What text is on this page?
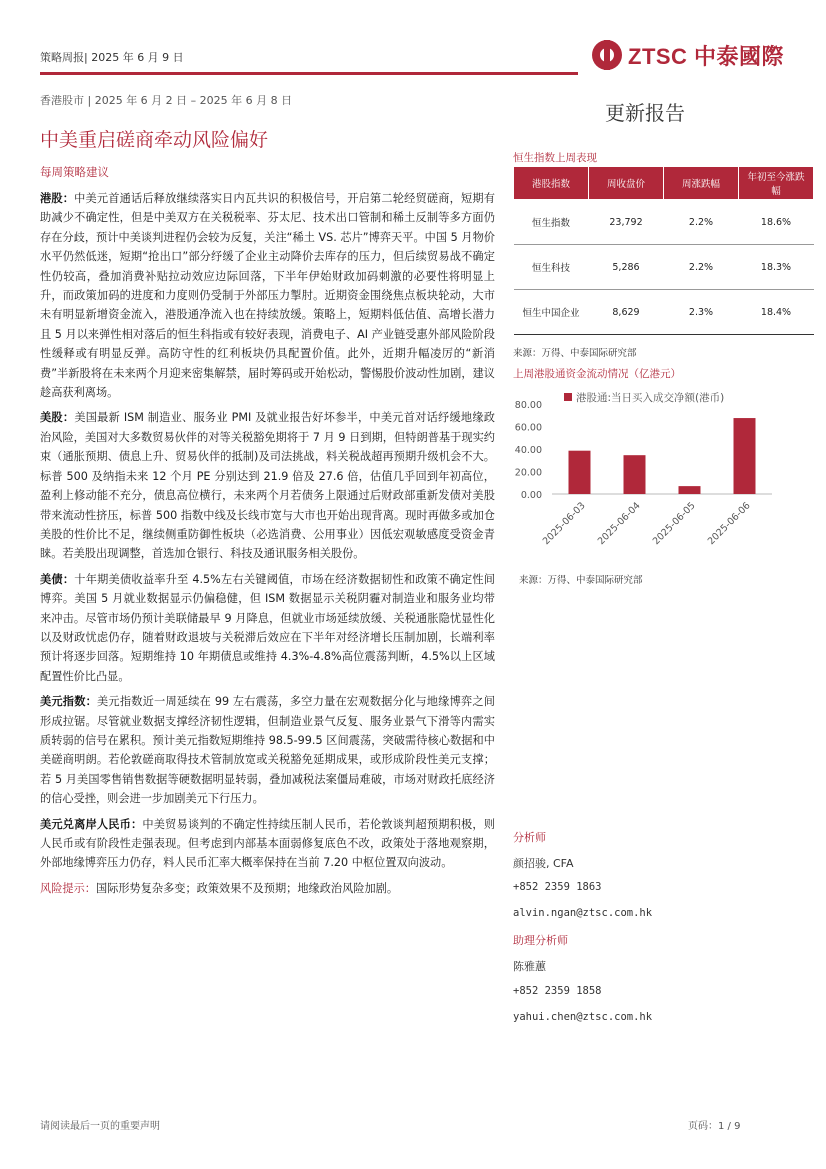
策略周报| 2025 年 6 月 9 日	ZTSC 中泰國際
香港股市 | 2025 年 6 月 2 日 – 2025 年 6 月 8 日
更新报告
中美重启磋商牵动风险偏好
每周策略建议

港股：中美元首通话后释放继续落实日内瓦共识的积极信号，开启第二轮经贸磋商，短期有助减少不确定性，但是中美双方在关税税率、芬太尼、技术出口管制和稀土反制等多方面仍存在分歧，预计中美谈判进程仍会较为反复，关注“稀土 VS. 芯片”博弈天平。中国 5 月物价水平仍然低迷，短期“抢出口”部分纾缓了企业主动降价去库存的压力，但后续贸易战不确定性仍较高，叠加消费补贴拉动效应边际回落，下半年伊始财政加码刺激的必要性将明显上升，而政策加码的进度和力度则仍受制于外部压力掣肘。近期资金围绕焦点板块轮动，大市未有明显新增资金流入，港股通净流入也在持续放缓。策略上，短期料低估值、高增长潜力且 5 月以来弹性相对落后的恒生科指或有较好表现，消费电子、AI 产业链受惠外部风险阶段性缓释或有明显反弹。高防守性的红利板块仍具配置价值。此外，近期升幅凌厉的“新消费”半新股将在未来两个月迎来密集解禁，届时筹码或开始松动，警惕股价波动性加剧，建议趁高获利离场。

美股：美国最新 ISM 制造业、服务业 PMI 及就业报告好坏参半，中美元首对话纾缓地缘政治风险，美国对大多数贸易伙伴的对等关税豁免期将于 7 月 9 日到期，但特朗普基于现实约束（通胀预期、债息上升、贸易伙伴的抵制)及司法挑战，料关税战超再预期升级机会不大。标普 500 及纳指未来 12 个月 PE 分别达到 21.9 倍及 27.6 倍，估值几乎回到年初高位，盈利上修动能不充分，债息高位横行，未来两个月若债务上限通过后财政部重新发债对美股带来流动性挤压，标普 500 指数中线及长线市宽与大市也开始出现背离。现时再做多或加仓美股的性价比不足，继续侧重防御性板块（必选消费、公用事业）因低宏观敏感度受资金青睐。若美股出现调整，首选加仓银行、科技及通讯服务相关股份。

美债：十年期美债收益率升至 4.5%左右关键阈值，市场在经济数据韧性和政策不确定性间博弈。美国 5 月就业数据显示仍偏稳健，但 ISM 数据显示关税阴霾对制造业和服务业均带来冲击。尽管市场仍预计美联储最早 9 月降息，但就业市场延续放缓、关税通胀隐忧显性化以及财政忧虑仍存，随着财政退坡与关税滞后效应在下半年对经济增长压制加剧，长端利率预计将逐步回落。短期维持 10 年期债息或维持 4.3%-4.8%高位震荡判断，4.5%以上区域配置性价比凸显。

美元指数：美元指数近一周延续在 99 左右震荡，多空力量在宏观数据分化与地缘博弈之间形成拉锯。尽管就业数据支撑经济韧性逻辑，但制造业景气反复、服务业景气下滑等内需实质转弱的信号在累积。预计美元指数短期维持 98.5-99.5 区间震荡，突破需待核心数据和中美磋商明朗。若伦敦磋商取得技术管制放宽或关税豁免延期成果，或形成阶段性美元支撑；若 5 月美国零售销售数据等硬数据明显转弱，叠加减税法案僵局难破，市场对财政托底经济的信心受挫，则会进一步加剧美元下行压力。

美元兑离岸人民币：中美贸易谈判的不确定性持续压制人民币，若伦敦谈判超预期积极，则人民币或有阶段性走强表现。但考虑到内部基本面弱修复底色不改，政策处于落地观察期，外部地缘博弈压力仍存，料人民币汇率大概率保持在当前 7.20 中枢位置双向波动。

风险提示：国际形势复杂多变；政策效果不及预期；地缘政治风险加剧。

恒生指数上周表现
港股指数	周收盘价	周涨跌幅	年初至今涨跌幅
恒生指数	23,792	2.2%	18.6%
恒生科技	5,286	2.2%	18.3%
恒生中国企业	8,629	2.3%	18.4%
来源：万得、中泰国际研究部
上周港股通资金流动情况（亿港元）
港股通:当日买入成交净额(港币)
80.00
60.00
40.00
20.00
0.00
2025-06-03 2025-06-04 2025-06-05 2025-06-06
来源：万得、中泰国际研究部
分析师
颜招骏, CFA
+852 2359 1863
alvin.ngan@ztsc.com.hk
助理分析师
陈雅蕙
+852 2359 1858
yahui.chen@ztsc.com.hk
请阅读最后一页的重要声明	页码：1 / 9
